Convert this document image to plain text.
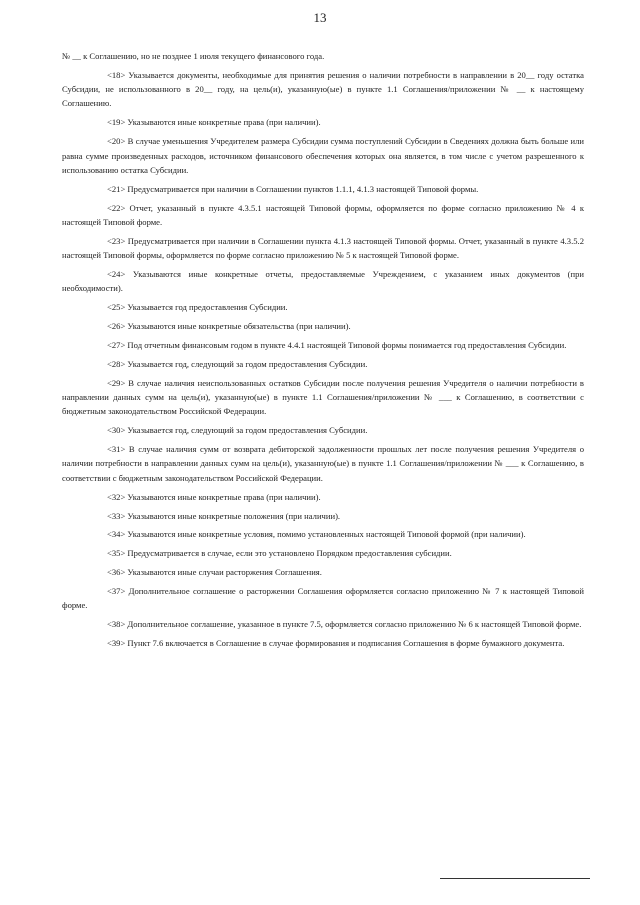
13

№ __ к Соглашению, но не позднее 1 июля текущего финансового года.

<18> Указывается документы, необходимые для принятия решения о наличии потребности в направлении в 20__ году остатка Субсидии, не использованного в 20__ году, на цель(и), указанную(ые) в пункте 1.1 Соглашения/приложении № __ к настоящему Соглашению.

<19> Указываются иные конкретные права (при наличии).

<20> В случае уменьшения Учредителем размера Субсидии сумма поступлений Субсидии в Сведениях должна быть больше или равна сумме произведенных расходов, источником финансового обеспечения которых она является, в том числе с учетом разрешенного к использованию остатка Субсидии.

<21> Предусматривается при наличии в Соглашении пунктов 1.1.1, 4.1.3 настоящей Типовой формы.

<22> Отчет, указанный в пункте 4.3.5.1 настоящей Типовой формы, оформляется по форме согласно приложению № 4 к настоящей Типовой форме.

<23> Предусматривается при наличии в Соглашении пункта 4.1.3 настоящей Типовой формы. Отчет, указанный в пункте 4.3.5.2 настоящей Типовой формы, оформляется по форме согласно приложению № 5 к настоящей Типовой форме.

<24> Указываются иные конкретные отчеты, предоставляемые Учреждением, с указанием иных документов (при необходимости).

<25> Указывается год предоставления Субсидии.

<26> Указываются иные конкретные обязательства (при наличии).

<27> Под отчетным финансовым годом в пункте 4.4.1 настоящей Типовой формы понимается год предоставления Субсидии.

<28> Указывается год, следующий за годом предоставления Субсидии.

<29> В случае наличия неиспользованных остатков Субсидии после получения решения Учредителя о наличии потребности в направлении данных сумм на цель(и), указанную(ые) в пункте 1.1 Соглашения/приложении № ___ к Соглашению, в соответствии с бюджетным законодательством Российской Федерации.

<30> Указывается год, следующий за годом предоставления Субсидии.

<31> В случае наличия сумм от возврата дебиторской задолженности прошлых лет после получения решения Учредителя о наличии потребности в направлении данных сумм на цель(и), указанную(ые) в пункте 1.1 Соглашения/приложении № ___ к Соглашению, в соответствии с бюджетным законодательством Российской Федерации.

<32> Указываются иные конкретные права (при наличии).

<33> Указываются иные конкретные положения (при наличии).

<34> Указываются иные конкретные условия, помимо установленных настоящей Типовой формой (при наличии).

<35> Предусматривается в случае, если это установлено Порядком предоставления субсидии.

<36> Указываются иные случаи расторжения Соглашения.

<37> Дополнительное соглашение о расторжении Соглашения оформляется согласно приложению № 7 к настоящей Типовой форме.

<38> Дополнительное соглашение, указанное в пункте 7.5, оформляется согласно приложению № 6 к настоящей Типовой форме.

<39> Пункт 7.6 включается в Соглашение в случае формирования и подписания Соглашения в форме бумажного документа.
